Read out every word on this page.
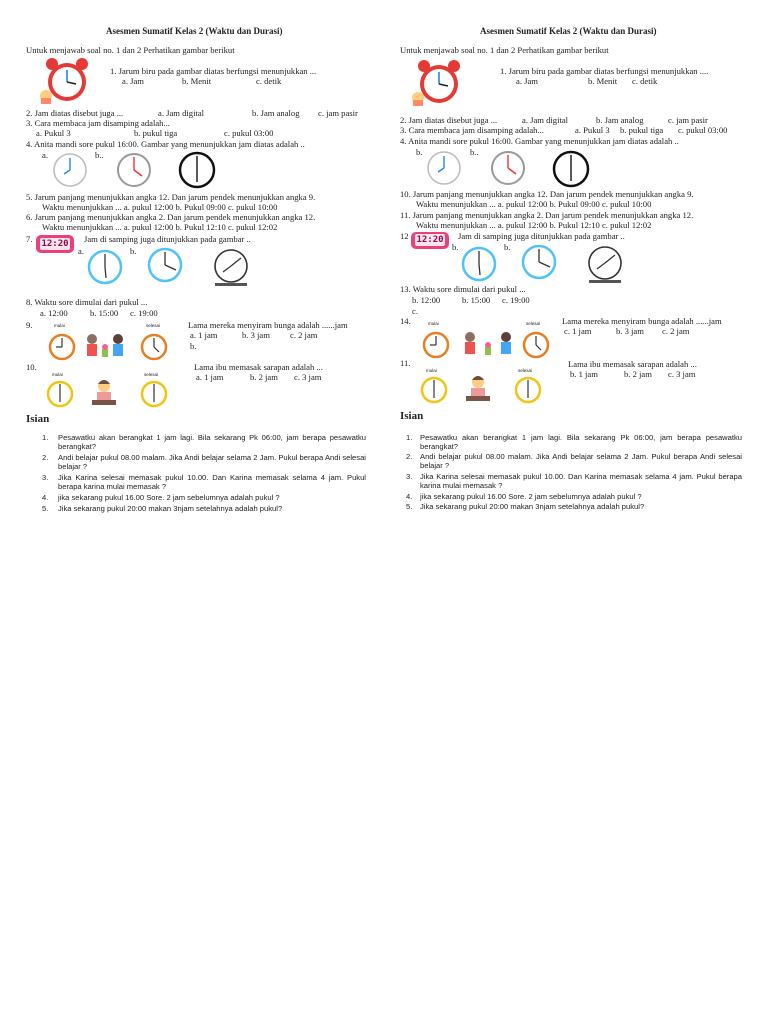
Asesmen Sumatif Kelas 2 (Waktu dan Durasi)
Untuk menjawab soal no. 1 dan 2 Perhatikan gambar berikut
1. Jarum biru pada gambar diatas berfungsi menunjukkan ...
a. Jam	b. Menit	c. detik
2. Jam diatas disebut juga ...	a. Jam digital	b. Jam analog c. jam pasir
3. Cara membaca jam disamping adalah...
a. Pukul 3	b. pukul tiga	c. pukul 03:00
4. Anita mandi sore pukul 16:00. Gambar yang menunjukkan jam diatas adalah ..
a.	b..
5. Jarum panjang menunjukkan angka 12. Dan jarum pendek menunjukkan angka 9.
Waktu menunjukkan ... a. pukul 12:00 b. Pukul 09:00 c. pukul 10:00
6. Jarum panjang menunjukkan angka 2. Dan jarum pendek menunjukkan angka 12.
Waktu menunjukkan ... a. pukul 12:00 b. Pukul 12:10 c. pukul 12:02
7. 12:20 Jam di samping juga ditunjukkan pada gambar ..
a.	b.
8. Waktu sore dimulai dari pukul ...
a. 12:00	b. 15:00 c. 19:00
9.	mulai	selesai	Lama mereka menyiram bunga adalah ......jam
a. 1 jam	b. 3 jam c. 2 jam
b.
10.
mulai	selesai
Lama ibu memasak sarapan adalah ...
a. 1 jam	b. 2 jam c. 3 jam
Isian
1. Pesawatku akan berangkat 1 jam lagi. Bila sekarang Pk 06:00, jam berapa pesawatku berangkat?
2. Andi belajar pukul 08.00 malam. Jika Andi belajar selama 2 Jam. Pukul berapa Andi selesai belajar ?
3. Jika Karina selesai memasak pukul 10.00. Dan Karina memasak selama 4 jam. Pukul berapa karina mulai memasak ?
4. jika sekarang pukul 16.00 Sore. 2 jam sebelumnya adalah pukul ?
5. Jika sekarang pukul 20:00 makan 3njam setelahnya adalah pukul?
Asesmen Sumatif Kelas 2 (Waktu dan Durasi)
Untuk menjawab soal no. 1 dan 2 Perhatikan gambar berikut
1. Jarum biru pada gambar diatas berfungsi menunjukkan ....
a. Jam	b. Menit c. detik
2. Jam diatas disebut juga ...	a. Jam digital	b. Jam analog	c. jam pasir
3. Cara membaca jam disamping adalah...	a. Pukul 3 b. pukul tiga c. pukul 03:00
4. Anita mandi sore pukul 16:00. Gambar yang menunjukkan jam diatas adalah ..
b.	b..
10. Jarum panjang menunjukkan angka 12. Dan jarum pendek menunjukkan angka 9.
Waktu menunjukkan ... a. pukul 12:00 b. Pukul 09:00 c. pukul 10:00
11. Jarum panjang menunjukkan angka 2. Dan jarum pendek menunjukkan angka 12.
Waktu menunjukkan ... a. pukul 12:00 b. Pukul 12:10 c. pukul 12:02
12 12:20 Jam di samping juga ditunjukkan pada gambar ..
b.	b.
13. Waktu sore dimulai dari pukul ...
b. 12:00	b. 15:00 c. 19:00
c.
14.	mulai	selesai	Lama mereka menyiram bunga adalah ......jam
c. 1 jam	b. 3 jam c. 2 jam
11.
mulai	selesai
Lama ibu memasak sarapan adalah ...
b. 1 jam	b. 2 jam c. 3 jam
Isian
1. Pesawatku akan berangkat 1 jam lagi. Bila sekarang Pk 06:00, jam berapa pesawatku berangkat?
2. Andi belajar pukul 08.00 malam. Jika Andi belajar selama 2 Jam. Pukul berapa Andi selesai belajar ?
3. Jika Karina selesai memasak pukul 10.00. Dan Karina memasak selama 4 jam. Pukul berapa karina mulai memasak ?
4. jika sekarang pukul 16.00 Sore. 2 jam sebelumnya adalah pukul ?
5. Jika sekarang pukul 20:00 makan 3njam setelahnya adalah pukul?
